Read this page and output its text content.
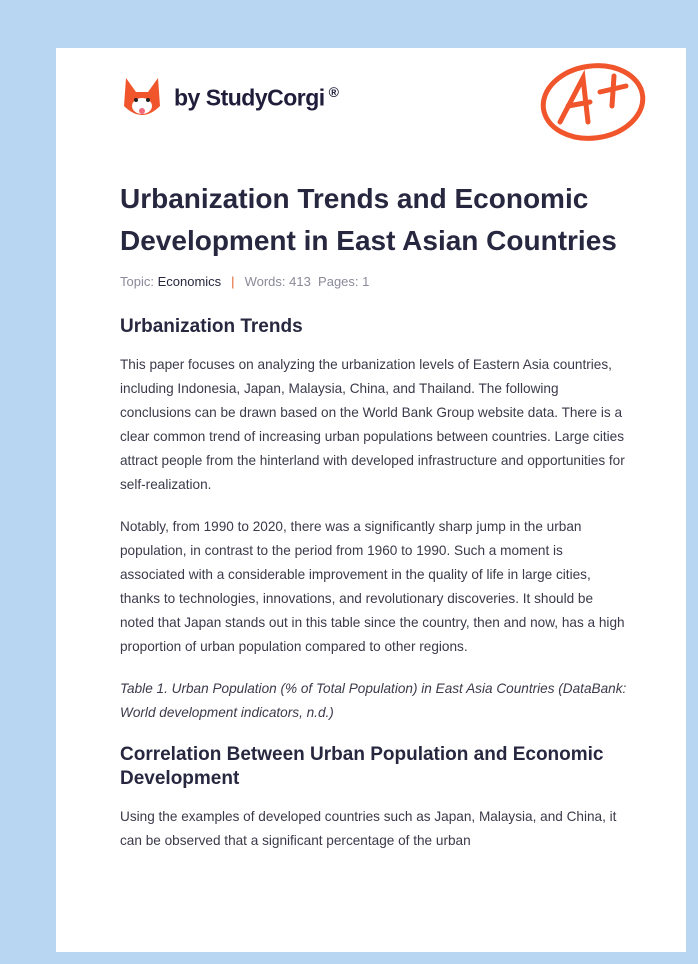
by StudyCorgi ®
Urbanization Trends and Economic Development in East Asian Countries
Topic: Economics | Words: 413 Pages: 1
Urbanization Trends

This paper focuses on analyzing the urbanization levels of Eastern Asia countries, including Indonesia, Japan, Malaysia, China, and Thailand. The following conclusions can be drawn based on the World Bank Group website data. There is a clear common trend of increasing urban populations between countries. Large cities attract people from the hinterland with developed infrastructure and opportunities for self-realization.

Notably, from 1990 to 2020, there was a significantly sharp jump in the urban population, in contrast to the period from 1960 to 1990. Such a moment is associated with a considerable improvement in the quality of life in large cities, thanks to technologies, innovations, and revolutionary discoveries. It should be noted that Japan stands out in this table since the country, then and now, has a high proportion of urban population compared to other regions.

Table 1. Urban Population (% of Total Population) in East Asia Countries (DataBank: World development indicators, n.d.)

Correlation Between Urban Population and Economic Development

Using the examples of developed countries such as Japan, Malaysia, and China, it can be observed that a significant percentage of the urban
